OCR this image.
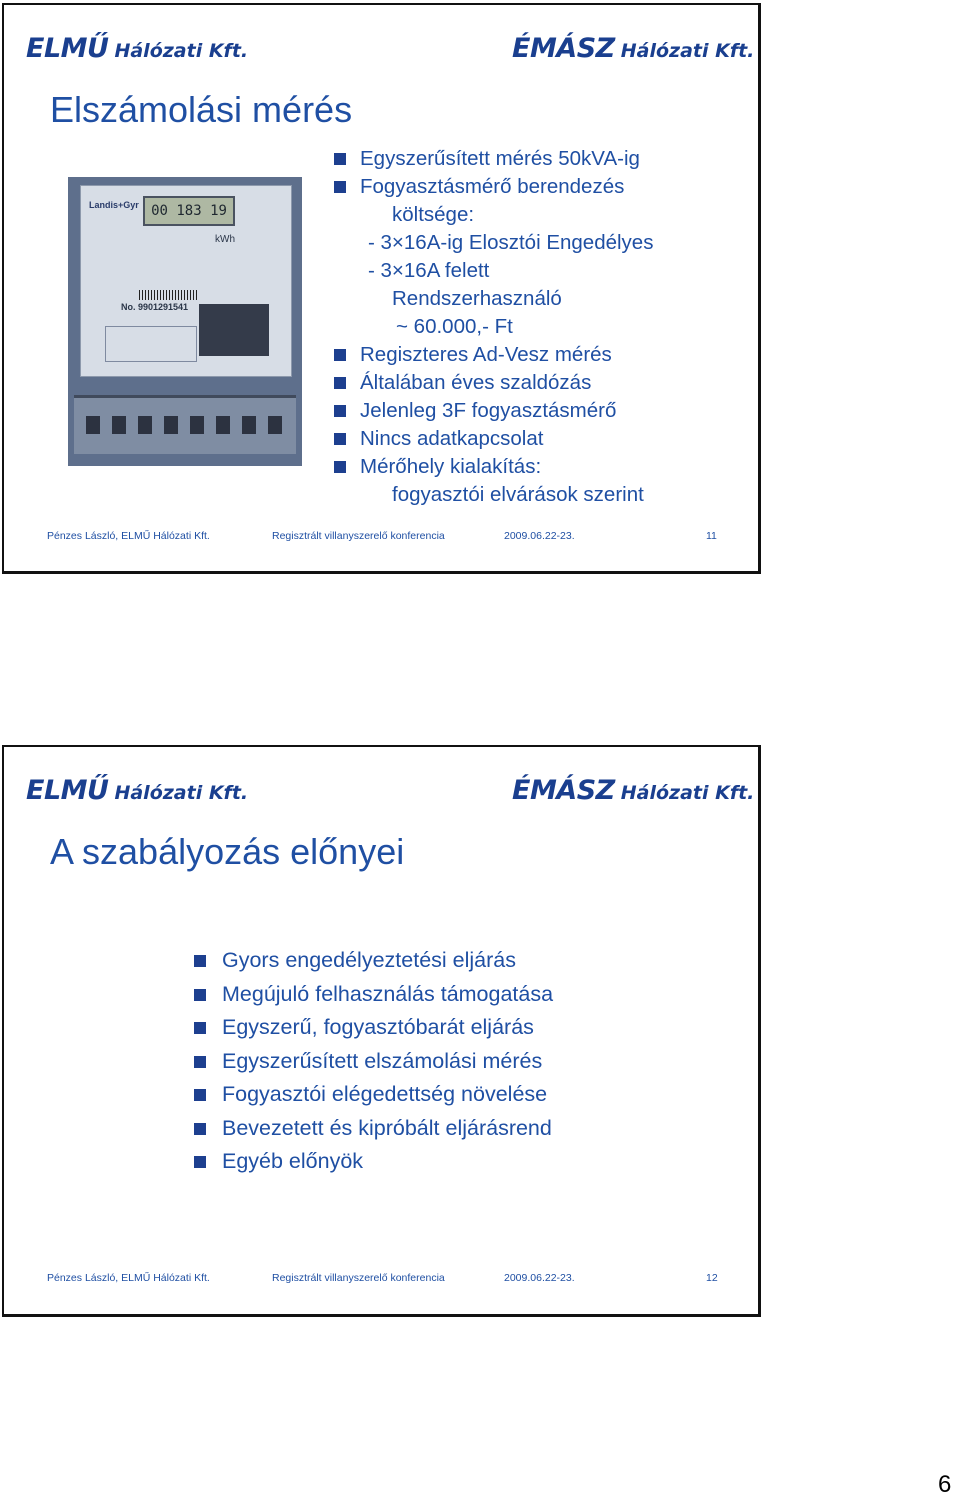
ELMŰ Hálózati Kft.	ÉMÁSZ Hálózati Kft.
Elszámolási mérés
Landis+Gyr 00 183 19
kWh
No. 9901291541
Egyszerűsített mérés 50kVA-ig
Fogyasztásmérő berendezés
költsége:
- 3×16A-ig Elosztói Engedélyes
- 3×16A felett
Rendszerhasználó
~ 60.000,- Ft
Regiszteres Ad-Vesz mérés
Általában éves szaldózás
Jelenleg 3F fogyasztásmérő
Nincs adatkapcsolat
Mérőhely kialakítás:
fogyasztói elvárások szerint
Pénzes László, ELMŰ Hálózati Kft.	Regisztrált villanyszerelő konferencia	2009.06.22-23.	11
ELMŰ Hálózati Kft.	ÉMÁSZ Hálózati Kft.
A szabályozás előnyei
Gyors engedélyeztetési eljárás
Megújuló felhasználás támogatása
Egyszerű, fogyasztóbarát eljárás
Egyszerűsített elszámolási mérés
Fogyasztói elégedettség növelése
Bevezetett és kipróbált eljárásrend
Egyéb előnyök
Pénzes László, ELMŰ Hálózati Kft.	Regisztrált villanyszerelő konferencia	2009.06.22-23.	12
6
